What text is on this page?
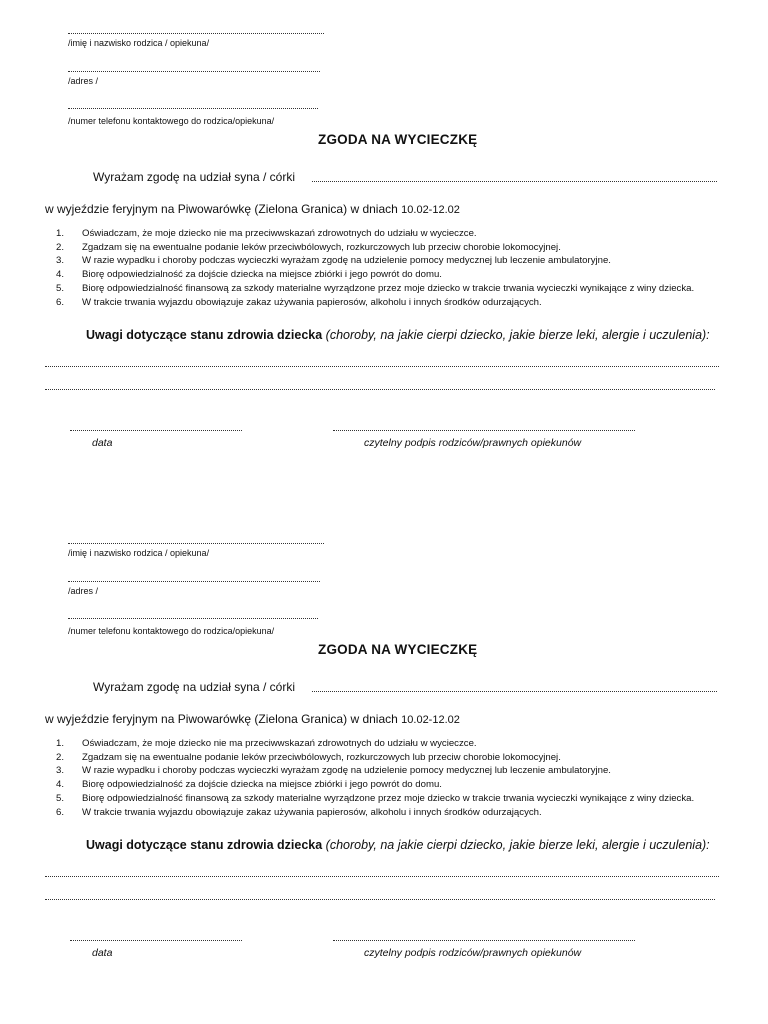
/imię i nazwisko rodzica / opiekuna/
/adres /
/numer telefonu kontaktowego do rodzica/opiekuna/
ZGODA NA WYCIECZKĘ
Wyrażam zgodę na udział syna / córki
w wyjeździe feryjnym na Piwowarówkę (Zielona Granica) w dniach 10.02-12.02
1. Oświadczam, że moje dziecko nie ma przeciwwskazań zdrowotnych do udziału w wycieczce.
2. Zgadzam się na ewentualne podanie leków przeciwbólowych, rozkurczowych lub przeciw chorobie lokomocyjnej.
3. W razie wypadku i choroby podczas wycieczki wyrażam zgodę na udzielenie pomocy medycznej lub leczenie ambulatoryjne.
4. Biorę odpowiedzialność za dojście dziecka na miejsce zbiórki i jego powrót do domu.
5. Biorę odpowiedzialność finansową za szkody materialne wyrządzone przez moje dziecko w trakcie trwania wycieczki wynikające z winy dziecka.
6. W trakcie trwania wyjazdu obowiązuje zakaz używania papierosów, alkoholu i innych środków odurzających.
Uwagi dotyczące stanu zdrowia dziecka (choroby, na jakie cierpi dziecko, jakie bierze leki, alergie i uczulenia):
data	czytelny podpis rodziców/prawnych opiekunów
/imię i nazwisko rodzica / opiekuna/
/adres /
/numer telefonu kontaktowego do rodzica/opiekuna/
ZGODA NA WYCIECZKĘ
Wyrażam zgodę na udział syna / córki
w wyjeździe feryjnym na Piwowarówkę (Zielona Granica) w dniach 10.02-12.02
1. Oświadczam, że moje dziecko nie ma przeciwwskazań zdrowotnych do udziału w wycieczce.
2. Zgadzam się na ewentualne podanie leków przeciwbólowych, rozkurczowych lub przeciw chorobie lokomocyjnej.
3. W razie wypadku i choroby podczas wycieczki wyrażam zgodę na udzielenie pomocy medycznej lub leczenie ambulatoryjne.
4. Biorę odpowiedzialność za dojście dziecka na miejsce zbiórki i jego powrót do domu.
5. Biorę odpowiedzialność finansową za szkody materialne wyrządzone przez moje dziecko w trakcie trwania wycieczki wynikające z winy dziecka.
6. W trakcie trwania wyjazdu obowiązuje zakaz używania papierosów, alkoholu i innych środków odurzających.
Uwagi dotyczące stanu zdrowia dziecka (choroby, na jakie cierpi dziecko, jakie bierze leki, alergie i uczulenia):
data	czytelny podpis rodziców/prawnych opiekunów
